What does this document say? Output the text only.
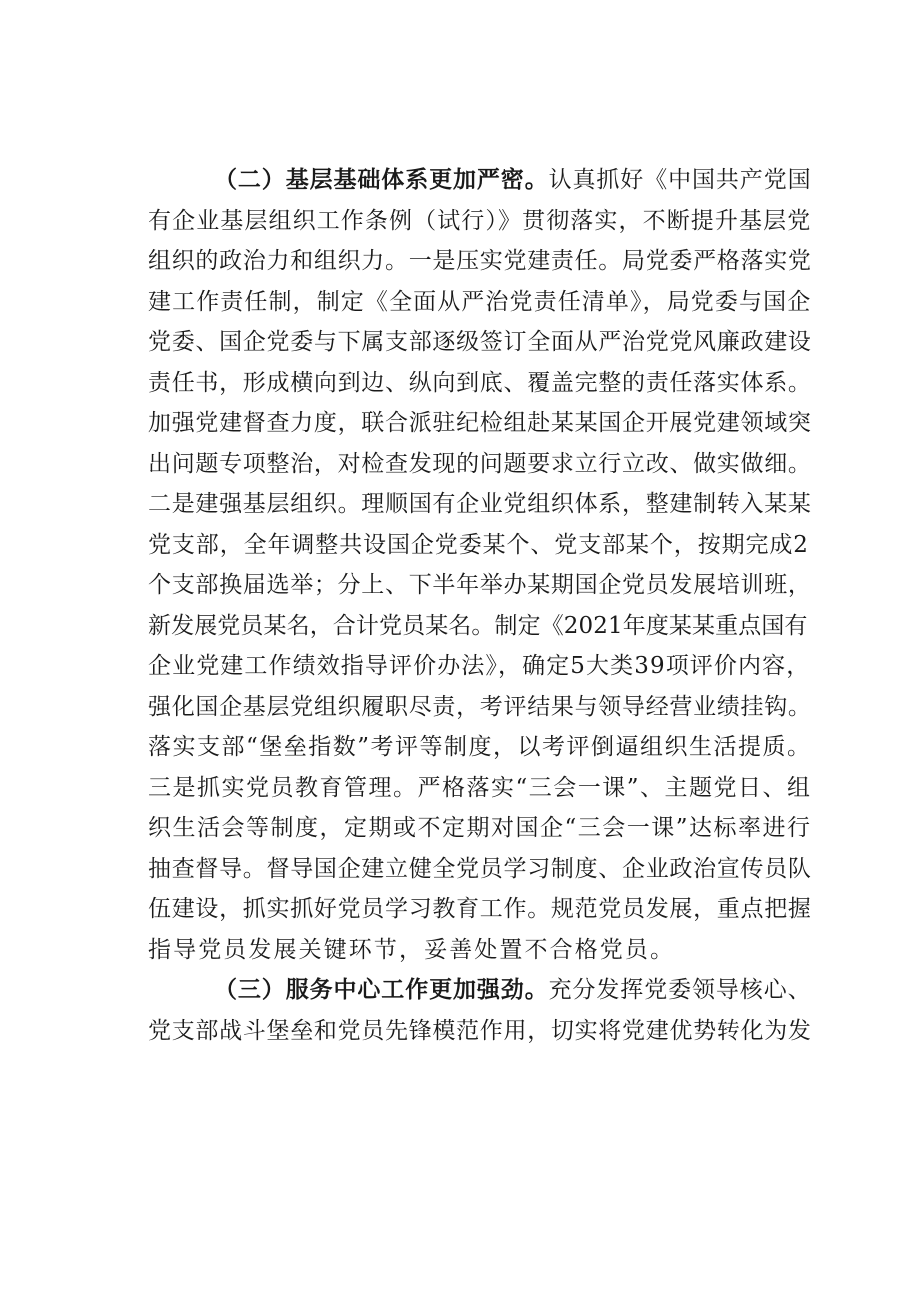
（二）基层基础体系更加严密。认真抓好《中国共产党国
有企业基层组织工作条例（试行）》贯彻落实，不断提升基层党
组织的政治力和组织力。一是压实党建责任。局党委严格落实党
建工作责任制，制定《全面从严治党责任清单》，局党委与国企
党委、国企党委与下属支部逐级签订全面从严治党党风廉政建设
责任书，形成横向到边、纵向到底、覆盖完整的责任落实体系。
加强党建督查力度，联合派驻纪检组赴某某国企开展党建领域突
出问题专项整治，对检查发现的问题要求立行立改、做实做细。
二是建强基层组织。理顺国有企业党组织体系，整建制转入某某
党支部，全年调整共设国企党委某个、党支部某个，按期完成2
个支部换届选举；分上、下半年举办某期国企党员发展培训班，
新发展党员某名，合计党员某名。制定《2021年度某某重点国有
企业党建工作绩效指导评价办法》，确定5大类39项评价内容，
强化国企基层党组织履职尽责，考评结果与领导经营业绩挂钩。
落实支部“堡垒指数”考评等制度，以考评倒逼组织生活提质。
三是抓实党员教育管理。严格落实“三会一课”、主题党日、组
织生活会等制度，定期或不定期对国企“三会一课”达标率进行
抽查督导。督导国企建立健全党员学习制度、企业政治宣传员队
伍建设，抓实抓好党员学习教育工作。规范党员发展，重点把握
指导党员发展关键环节，妥善处置不合格党员。
（三）服务中心工作更加强劲。充分发挥党委领导核心、
党支部战斗堡垒和党员先锋模范作用，切实将党建优势转化为发
